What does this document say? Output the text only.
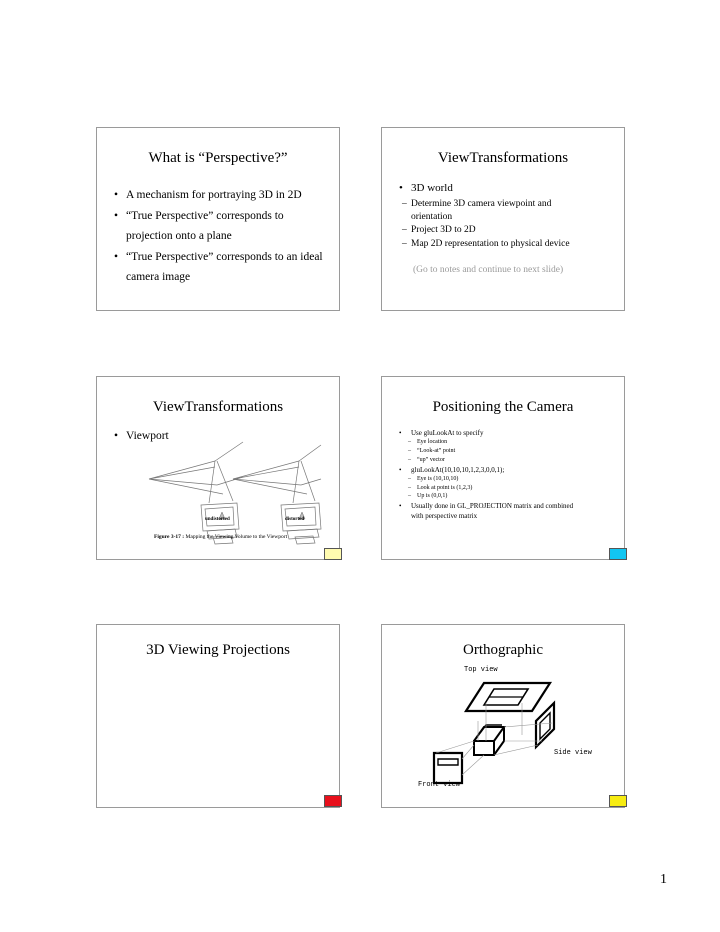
What is “Perspective?”
• A mechanism for portraying 3D in 2D
• “True Perspective” corresponds to
projection onto a plane
• “True Perspective” corresponds to an ideal
camera image
ViewTransformations
• 3D world
– Determine 3D camera viewpoint and
orientation
– Project 3D to 2D
– Map 2D representation to physical device
(Go to notes and continue to next slide)
ViewTransformations
• Viewport
undistorted	distorted
Figure 3-17 : Mapping the Viewing Volume to the Viewport
Positioning the Camera
• Use gluLookAt to specify
– Eye location
– “Look-at” point
– “up” vector
• gluLookAt(10,10,10,1,2,3,0,0,1);
– Eye is (10,10,10)
– Look at point is (1,2,3)
– Up is (0,0,1)
• Usually done in GL_PROJECTION matrix and combined
with perspective matrix
3D Viewing Projections	Orthographic
Top view
Side view
Front view
1
